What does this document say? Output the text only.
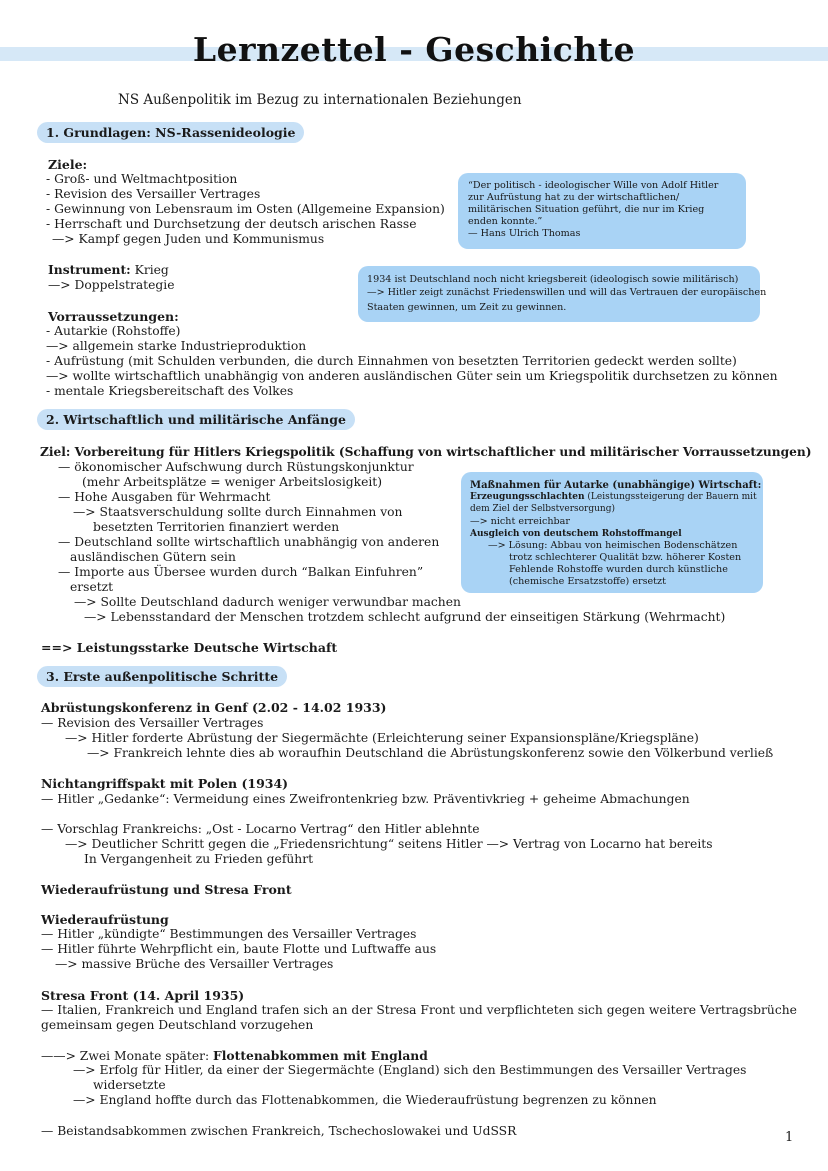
Lernzettel - Geschichte
NS Außenpolitik im Bezug zu internationalen Beziehungen
1. Grundlagen: NS-Rassenideologie
Ziele:
- Groß- und Weltmachtposition
- Revision des Versailler Vertrages
- Gewinnung von Lebensraum im Osten (Allgemeine Expansion)
- Herrschaft und Durchsetzung der deutsch arischen Rasse
—> Kampf gegen Juden und Kommunismus
Instrument: Krieg
—> Doppelstrategie
Vorraussetzungen:
- Autarkie (Rohstoffe)
—> allgemein starke Industrieproduktion
- Aufrüstung (mit Schulden verbunden, die durch Einnahmen von besetzten Territorien gedeckt werden sollte)
—> wollte wirtschaftlich unabhängig von anderen ausländischen Güter sein um Kriegspolitik durchsetzen zu können
- mentale Kriegsbereitschaft des Volkes
“Der politisch - ideologischer Wille von Adolf Hitler
zur Aufrüstung hat zu der wirtschaftlichen/
militärischen Situation geführt, die nur im Krieg
enden konnte.”
— Hans Ulrich Thomas
1934 ist Deutschland noch nicht kriegsbereit (ideologisch sowie militärisch)
—> Hitler zeigt zunächst Friedenswillen und will das Vertrauen der europäischen
Staaten gewinnen, um Zeit zu gewinnen.
2. Wirtschaftlich und militärische Anfänge
Ziel: Vorbereitung für Hitlers Kriegspolitik (Schaffung von wirtschaftlicher und militärischer Vorraussetzungen)
— ökonomischer Aufschwung durch Rüstungskonjunktur
(mehr Arbeitsplätze = weniger Arbeitslosigkeit)
— Hohe Ausgaben für Wehrmacht
—> Staatsverschuldung sollte durch Einnahmen von
besetzten Territorien finanziert werden
— Deutschland sollte wirtschaftlich unabhängig von anderen
ausländischen Gütern sein
— Importe aus Übersee wurden durch “Balkan Einfuhren”
ersetzt
—> Sollte Deutschland dadurch weniger verwundbar machen
—> Lebensstandard der Menschen trotzdem schlecht aufgrund der einseitigen Stärkung (Wehrmacht)
==> Leistungsstarke Deutsche Wirtschaft
Maßnahmen für Autarke (unabhängige) Wirtschaft:
Erzeugungsschlachten (Leistungssteigerung der Bauern mit
dem Ziel der Selbstversorgung)
—> nicht erreichbar
Ausgleich von deutschem Rohstoffmangel
—> Lösung: Abbau von heimischen Bodenschätzen
trotz schlechterer Qualität bzw. höherer Kosten
Fehlende Rohstoffe wurden durch künstliche
(chemische Ersatzstoffe) ersetzt
3. Erste außenpolitische Schritte
Abrüstungskonferenz in Genf (2.02 - 14.02 1933)
— Revision des Versailler Vertrages
—> Hitler forderte Abrüstung der Siegermächte (Erleichterung seiner Expansionspläne/Kriegspläne)
—> Frankreich lehnte dies ab woraufhin Deutschland die Abrüstungskonferenz sowie den Völkerbund verließ
Nichtangriffspakt mit Polen (1934)
— Hitler „Gedanke“: Vermeidung eines Zweifrontenkrieg bzw. Präventivkrieg + geheime Abmachungen
— Vorschlag Frankreichs: „Ost - Locarno Vertrag“ den Hitler ablehnte
—> Deutlicher Schritt gegen die „Friedensrichtung“ seitens Hitler —> Vertrag von Locarno hat bereits
In Vergangenheit zu Frieden geführt
Wiederaufrüstung und Stresa Front
Wiederaufrüstung
— Hitler „kündigte“ Bestimmungen des Versailler Vertrages
— Hitler führte Wehrpflicht ein, baute Flotte und Luftwaffe aus
—> massive Brüche des Versailler Vertrages
Stresa Front (14. April 1935)
— Italien, Frankreich und England trafen sich an der Stresa Front und verpflichteten sich gegen weitere Vertragsbrüche
gemeinsam gegen Deutschland vorzugehen
——> Zwei Monate später: Flottenabkommen mit England
—> Erfolg für Hitler, da einer der Siegermächte (England) sich den Bestimmungen des Versailler Vertrages
widersetzte
—> England hoffte durch das Flottenabkommen, die Wiederaufrüstung begrenzen zu können
— Beistandsabkommen zwischen Frankreich, Tschechoslowakei und UdSSR	1
